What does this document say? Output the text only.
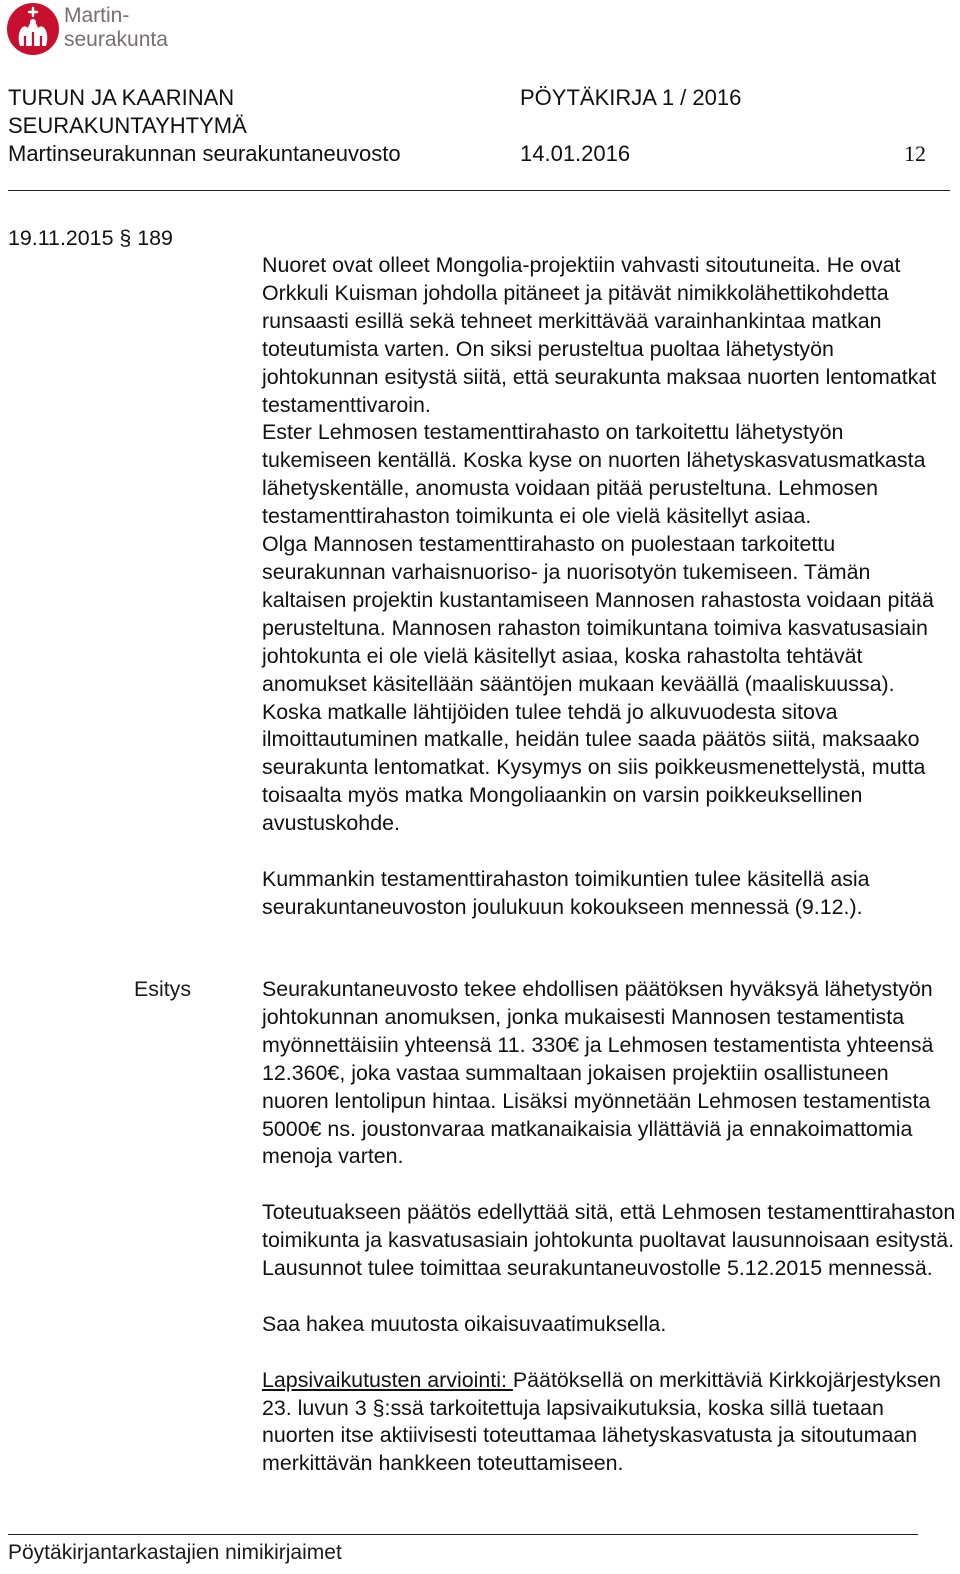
Martin-
seurakunta
TURUN JA KAARINAN
SEURAKUNTAYHTYMÄ
Martinseurakunnan seurakuntaneuvosto
PÖYTÄKIRJA 1 / 2016
14.01.2016	12
19.11.2015 § 189

Nuoret ovat olleet Mongolia-projektiin vahvasti sitoutuneita. He ovat Orkkuli Kuisman johdolla pitäneet ja pitävät nimikkolähettikohdetta runsaasti esillä sekä tehneet merkittävää varainhankintaa matkan toteutumista varten. On siksi perusteltua puoltaa lähetystyön johtokunnan esitystä siitä, että seurakunta maksaa nuorten lentomatkat testamenttivaroin.

Ester Lehmosen testamenttirahasto on tarkoitettu lähetystyön tukemiseen kentällä. Koska kyse on nuorten lähetyskasvatusmatkasta lähetyskentälle, anomusta voidaan pitää perusteltuna. Lehmosen testamenttirahaston toimikunta ei ole vielä käsitellyt asiaa.

Olga Mannosen testamenttirahasto on puolestaan tarkoitettu seurakunnan varhaisnuoriso- ja nuorisotyön tukemiseen. Tämän kaltaisen projektin kustantamiseen Mannosen rahastosta voidaan pitää perusteltuna. Mannosen rahaston toimikuntana toimiva kasvatusasiain johtokunta ei ole vielä käsitellyt asiaa, koska rahastolta tehtävät anomukset käsitellään sääntöjen mukaan keväällä (maaliskuussa). Koska matkalle lähtijöiden tulee tehdä jo alkuvuodesta sitova ilmoittautuminen matkalle, heidän tulee saada päätös siitä, maksaako seurakunta lentomatkat. Kysymys on siis poikkeusmenettelystä, mutta toisaalta myös matka Mongoliaankin on varsin poikkeuksellinen avustuskohde.

Kummankin testamenttirahaston toimikuntien tulee käsitellä asia seurakuntaneuvoston joulukuun kokoukseen mennessä (9.12.).

Esitys	Seurakuntaneuvosto tekee ehdollisen päätöksen hyväksyä lähetystyön johtokunnan anomuksen, jonka mukaisesti Mannosen testamentista myönnettäisiin yhteensä 11. 330€ ja Lehmosen testamentista yhteensä 12.360€, joka vastaa summaltaan jokaisen projektiin osallistuneen nuoren lentolipun hintaa. Lisäksi myönnetään Lehmosen testamentista 5000€ ns. joustonvaraa matkanaikaisia yllättäviä ja ennakoimattomia menoja varten.

Toteutuakseen päätös edellyttää sitä, että Lehmosen testamenttirahaston toimikunta ja kasvatusasiain johtokunta puoltavat lausunnoisaan esitystä. Lausunnot tulee toimittaa seurakuntaneuvostolle 5.12.2015 mennessä.

Saa hakea muutosta oikaisuvaatimuksella.

Lapsivaikutusten arviointi: Päätöksellä on merkittäviä Kirkkojärjestyksen 23. luvun 3 §:ssä tarkoitettuja lapsivaikutuksia, koska sillä tuetaan nuorten itse aktiivisesti toteuttamaa lähetyskasvatusta ja sitoutumaan merkittävän hankkeen toteuttamiseen.

Pöytäkirjantarkastajien nimikirjaimet
